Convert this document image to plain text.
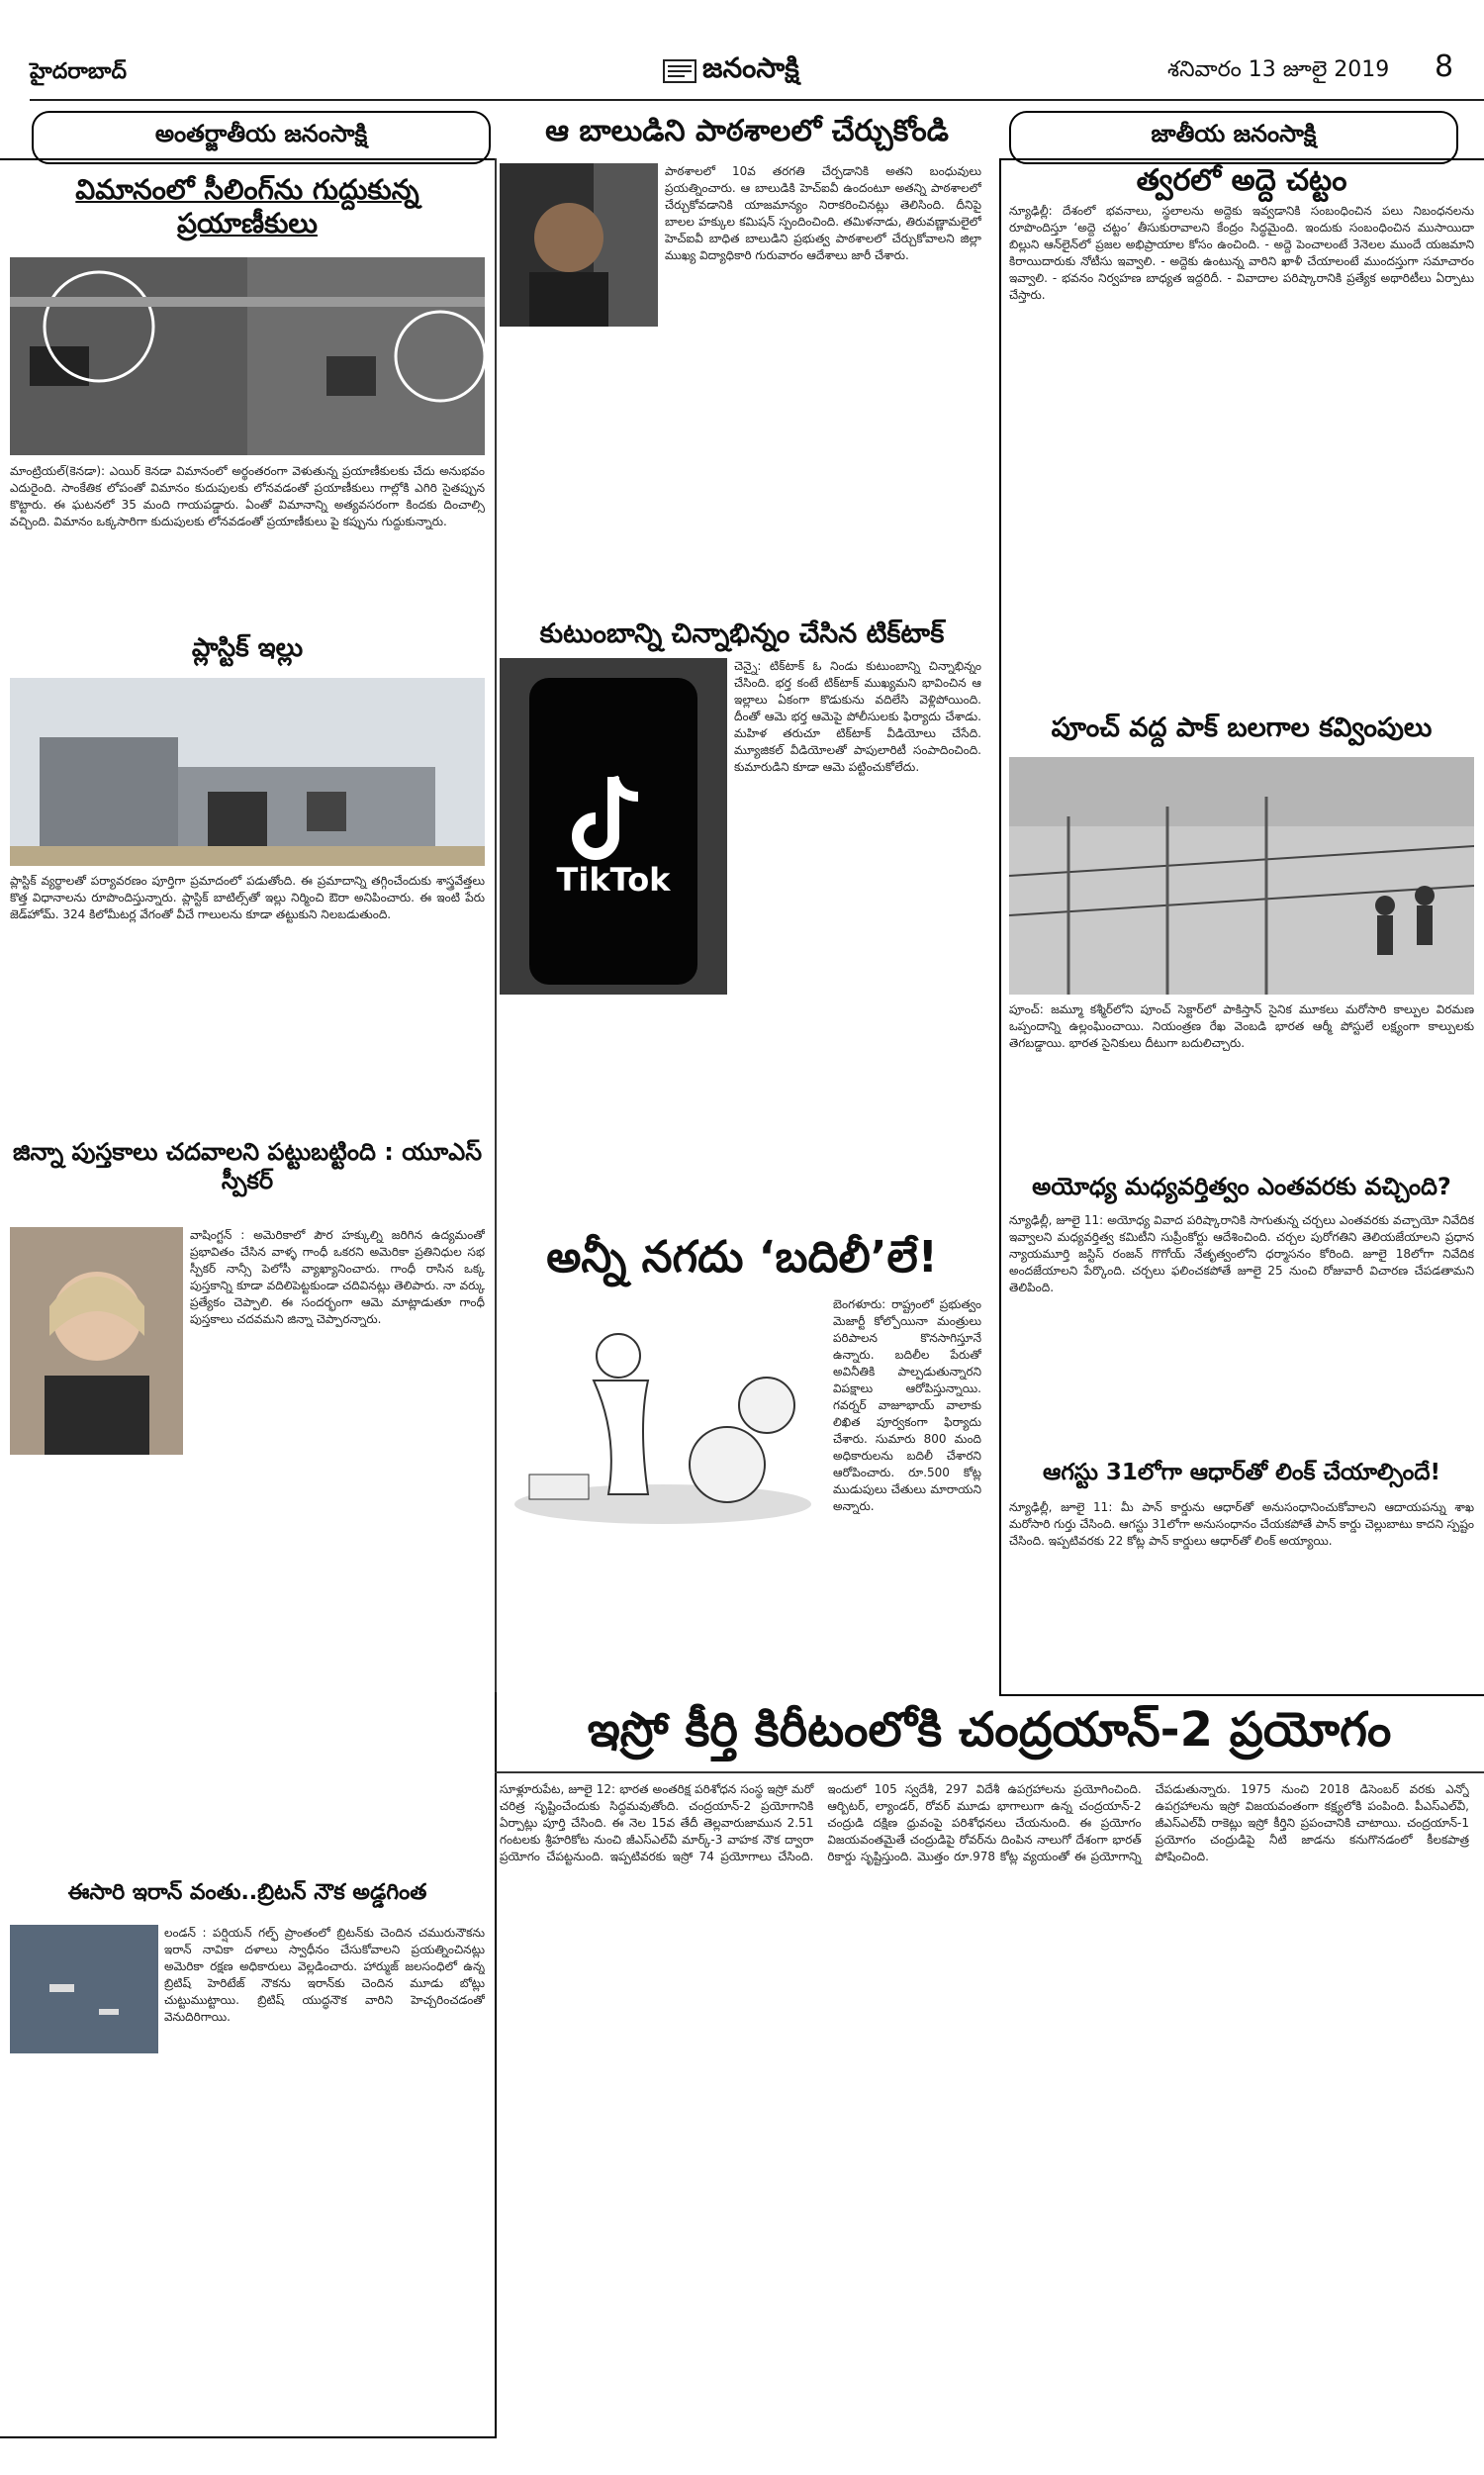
హైదరాబాద్	జనంసాక్షి	శనివారం 13 జూలై 2019 8
అంతర్జాతీయ జనంసాక్షి
విమానంలో సీలింగ్‌ను గుద్దుకున్న ప్రయాణీకులు
మాంట్రియల్‌(కెనడా): ఎయిర్‌ కెనడా విమానంలో అర్థంతరంగా వెళుతున్న ప్రయాణీకులకు చేదు అనుభవం ఎదురైంది. సాంకేతిక లోపంతో విమానం కుదుపులకు లోనవడంతో ప్రయాణీకులు గాల్లోకి ఎగిరి సైతప్పున కొట్టారు. ఈ ఘటనలో 35 మంది గాయపడ్డారు. ఏంతో విమానాన్ని అత్యవసరంగా కిందకు దించాల్సి వచ్చింది. విమానం ఒక్కసారిగా కుదుపులకు లోనవడంతో ప్రయాణీకులు పై కప్పును గుద్దుకున్నారు.
ప్లాస్టిక్‌ ఇల్లు
ప్లాస్టిక్‌ వ్యర్థాలతో పర్యావరణం పూర్తిగా ప్రమాదంలో పడుతోంది. ఈ ప్రమాదాన్ని తగ్గించేందుకు శాస్త్రవేత్తలు కొత్త విధానాలను రూపొందిస్తున్నారు. ప్లాస్టిక్‌ బాటిల్స్‌తో ఇల్లు నిర్మించి ఔరా అనిపించారు. ఈ ఇంటి పేరు జెడ్‌హోమ్‌. 324 కిలోమీటర్ల వేగంతో వీచే గాలులను కూడా తట్టుకుని నిలబడుతుంది.
జిన్నా పుస్తకాలు చదవాలని పట్టుబట్టింది : యూఎస్‌ స్పీకర్‌
వాషింగ్టన్‌ : అమెరికాలో పౌర హక్కుల్ని జరిగిన ఉద్యమంతో ప్రభావితం చేసిన వాళ్ళ గాంధీ ఒకరని అమెరికా ప్రతినిధుల సభ స్పీకర్‌ నాన్సీ పెలోసీ వ్యాఖ్యానించారు. గాంధీ రాసిన ఒక్క పుస్తకాన్ని కూడా వదిలిపెట్టకుండా చదివినట్లు తెలిపారు. నా వర్కు ప్రత్యేకం చెప్పాలి. ఈ సందర్భంగా ఆమె మాట్లాడుతూ గాంధీ పుస్తకాలు చదవమని జిన్నా చెప్పారన్నారు.
ఈసారి ఇరాన్‌ వంతు..బ్రిటన్‌ నౌక అడ్డగింత
లండన్‌ : పర్షియన్‌ గల్ఫ్‌ ప్రాంతంలో బ్రిటన్‌కు చెందిన చమురునౌకను ఇరాన్‌ నావికా దళాలు స్వాధీనం చేసుకోవాలని ప్రయత్నించినట్లు అమెరికా రక్షణ అధికారులు వెల్లడించారు. హార్ముజ్‌ జలసంధిలో ఉన్న బ్రిటిష్‌ హెరిటేజ్‌ నౌకను ఇరాన్‌కు చెందిన మూడు బోట్లు చుట్టుముట్టాయి. బ్రిటిష్‌ యుద్ధనౌక వారిని హెచ్చరించడంతో వెనుదిరిగాయి.
ఆ బాలుడిని పాఠశాలలో చేర్చుకోండి
పాఠశాలలో 10వ తరగతి చేర్పడానికి అతని బంధువులు ప్రయత్నించారు. ఆ బాలుడికి హెచ్‌ఐవీ ఉందంటూ అతన్ని పాఠశాలలో చేర్చుకోవడానికి యాజమాన్యం నిరాకరించినట్లు తెలిసింది. దీనిపై బాలల హక్కుల కమిషన్‌ స్పందించింది. తమిళనాడు, తిరువణ్ణామలైలో హెచ్‌ఐవీ బాధిత బాలుడిని ప్రభుత్వ పాఠశాలలో చేర్చుకోవాలని జిల్లా ముఖ్య విద్యాధికారి గురువారం ఆదేశాలు జారీ చేశారు.
కుటుంబాన్ని చిన్నాభిన్నం చేసిన టిక్‌టాక్‌
TikTok
చెన్నై: టిక్‌టాక్‌ ఓ నిండు కుటుంబాన్ని చిన్నాభిన్నం చేసింది. భర్త కంటే టిక్‌టాక్‌ ముఖ్యమని భావించిన ఆ ఇల్లాలు ఏకంగా కొడుకును వదిలేసి వెళ్లిపోయింది. దీంతో ఆమె భర్త ఆమెపై పోలీసులకు ఫిర్యాదు చేశాడు. మహిళ తరుచూ టిక్‌టాక్‌ వీడియోలు చేసేది. మ్యూజికల్‌ వీడియోలతో పాపులారిటీ సంపాదించింది. కుమారుడిని కూడా ఆమె పట్టించుకోలేదు.
అన్నీ నగదు ‘బదిలీ’లే!
బెంగళూరు: రాష్ట్రంలో ప్రభుత్వం మెజార్టీ కోల్పోయినా మంత్రులు పరిపాలన కొనసాగిస్తూనే ఉన్నారు. బదిలీల పేరుతో అవినీతికి పాల్పడుతున్నారని విపక్షాలు ఆరోపిస్తున్నాయి. గవర్నర్‌ వాజూభాయ్‌ వాలాకు లిఖిత పూర్వకంగా ఫిర్యాదు చేశారు. సుమారు 800 మంది అధికారులను బదిలీ చేశారని ఆరోపించారు. రూ.500 కోట్ల ముడుపులు చేతులు మారాయని అన్నారు.
ఇస్రో కీర్తి కిరీటంలోకి చంద్రయాన్‌-2 ప్రయోగం
సూళ్లూరుపేట, జూలై 12: భారత అంతరిక్ష పరిశోధన సంస్థ ఇస్రో మరో చరిత్ర సృష్టించేందుకు సిద్ధమవుతోంది. చంద్రయాన్‌-2 ప్రయోగానికి ఏర్పాట్లు పూర్తి చేసింది. ఈ నెల 15వ తేదీ తెల్లవారుజామున 2.51 గంటలకు శ్రీహరికోట నుంచి జీఎస్‌ఎల్‌వీ మార్క్‌-3 వాహక నౌక ద్వారా ప్రయోగం చేపట్టనుంది. ఇప్పటివరకు ఇస్రో 74 ప్రయోగాలు చేసింది. ఇందులో 105 స్వదేశీ, 297 విదేశీ ఉపగ్రహాలను ప్రయోగించింది. ఆర్బిటర్‌, ల్యాండర్‌, రోవర్‌ మూడు భాగాలుగా ఉన్న చంద్రయాన్‌-2 చంద్రుడి దక్షిణ ధ్రువంపై పరిశోధనలు చేయనుంది. ఈ ప్రయోగం విజయవంతమైతే చంద్రుడిపై రోవర్‌ను దింపిన నాలుగో దేశంగా భారత్‌ రికార్డు సృష్టిస్తుంది. మొత్తం రూ.978 కోట్ల వ్యయంతో ఈ ప్రయోగాన్ని చేపడుతున్నారు. 1975 నుంచి 2018 డిసెంబర్‌ వరకు ఎన్నో ఉపగ్రహాలను ఇస్రో విజయవంతంగా కక్ష్యలోకి పంపింది. పీఎస్‌ఎల్‌వీ, జీఎస్‌ఎల్‌వీ రాకెట్లు ఇస్రో కీర్తిని ప్రపంచానికి చాటాయి. చంద్రయాన్‌-1 ప్రయోగం చంద్రుడిపై నీటి జాడను కనుగొనడంలో కీలకపాత్ర పోషించింది.
జాతీయ జనంసాక్షి
త్వరలో అద్దె చట్టం
న్యూఢిల్లీ: దేశంలో భవనాలు, స్థలాలను అద్దెకు ఇవ్వడానికి సంబంధించిన పలు నిబంధనలను రూపొందిస్తూ ‘అద్దె చట్టం’ తీసుకురావాలని కేంద్రం సిద్ధమైంది. ఇందుకు సంబంధించిన ముసాయిదా బిల్లుని ఆన్‌లైన్‌లో ప్రజల అభిప్రాయాల కోసం ఉంచింది. - అద్దె పెంచాలంటే 3నెలల ముందే యజమాని కిరాయిదారుకు నోటీసు ఇవ్వాలి. - అద్దెకు ఉంటున్న వారిని ఖాళీ చేయాలంటే ముందస్తుగా సమాచారం ఇవ్వాలి. - భవనం నిర్వహణ బాధ్యత ఇద్దరిదీ. - వివాదాల పరిష్కారానికి ప్రత్యేక అథారిటీలు ఏర్పాటు చేస్తారు.
పూంచ్‌ వద్ద పాక్‌ బలగాల కవ్వింపులు
పూంచ్‌: జమ్మూ కశ్మీర్‌లోని పూంచ్‌ సెక్టార్‌లో పాకిస్తాన్‌ సైనిక మూకలు మరోసారి కాల్పుల విరమణ ఒప్పందాన్ని ఉల్లంఘించాయి. నియంత్రణ రేఖ వెంబడి భారత ఆర్మీ పోస్టులే లక్ష్యంగా కాల్పులకు తెగబడ్డాయి. భారత సైనికులు దీటుగా బదులిచ్చారు.
అయోధ్య మధ్యవర్తిత్వం ఎంతవరకు వచ్చింది?
న్యూఢిల్లీ, జూలై 11: అయోధ్య వివాద పరిష్కారానికి సాగుతున్న చర్చలు ఎంతవరకు వచ్చాయో నివేదిక ఇవ్వాలని మధ్యవర్తిత్వ కమిటీని సుప్రీంకోర్టు ఆదేశించింది. చర్చల పురోగతిని తెలియజేయాలని ప్రధాన న్యాయమూర్తి జస్టిస్‌ రంజన్‌ గొగోయ్‌ నేతృత్వంలోని ధర్మాసనం కోరింది. జూలై 18లోగా నివేదిక అందజేయాలని పేర్కొంది. చర్చలు ఫలించకపోతే జూలై 25 నుంచి రోజువారీ విచారణ చేపడతామని తెలిపింది.
ఆగస్టు 31లోగా ఆధార్‌తో లింక్‌ చేయాల్సిందే!
న్యూఢిల్లీ, జూలై 11: మీ పాన్‌ కార్డును ఆధార్‌తో అనుసంధానించుకోవాలని ఆదాయపన్ను శాఖ మరోసారి గుర్తు చేసింది. ఆగస్టు 31లోగా అనుసంధానం చేయకపోతే పాన్‌ కార్డు చెల్లుబాటు కాదని స్పష్టం చేసింది. ఇప్పటివరకు 22 కోట్ల పాన్‌ కార్డులు ఆధార్‌తో లింక్‌ అయ్యాయి.
